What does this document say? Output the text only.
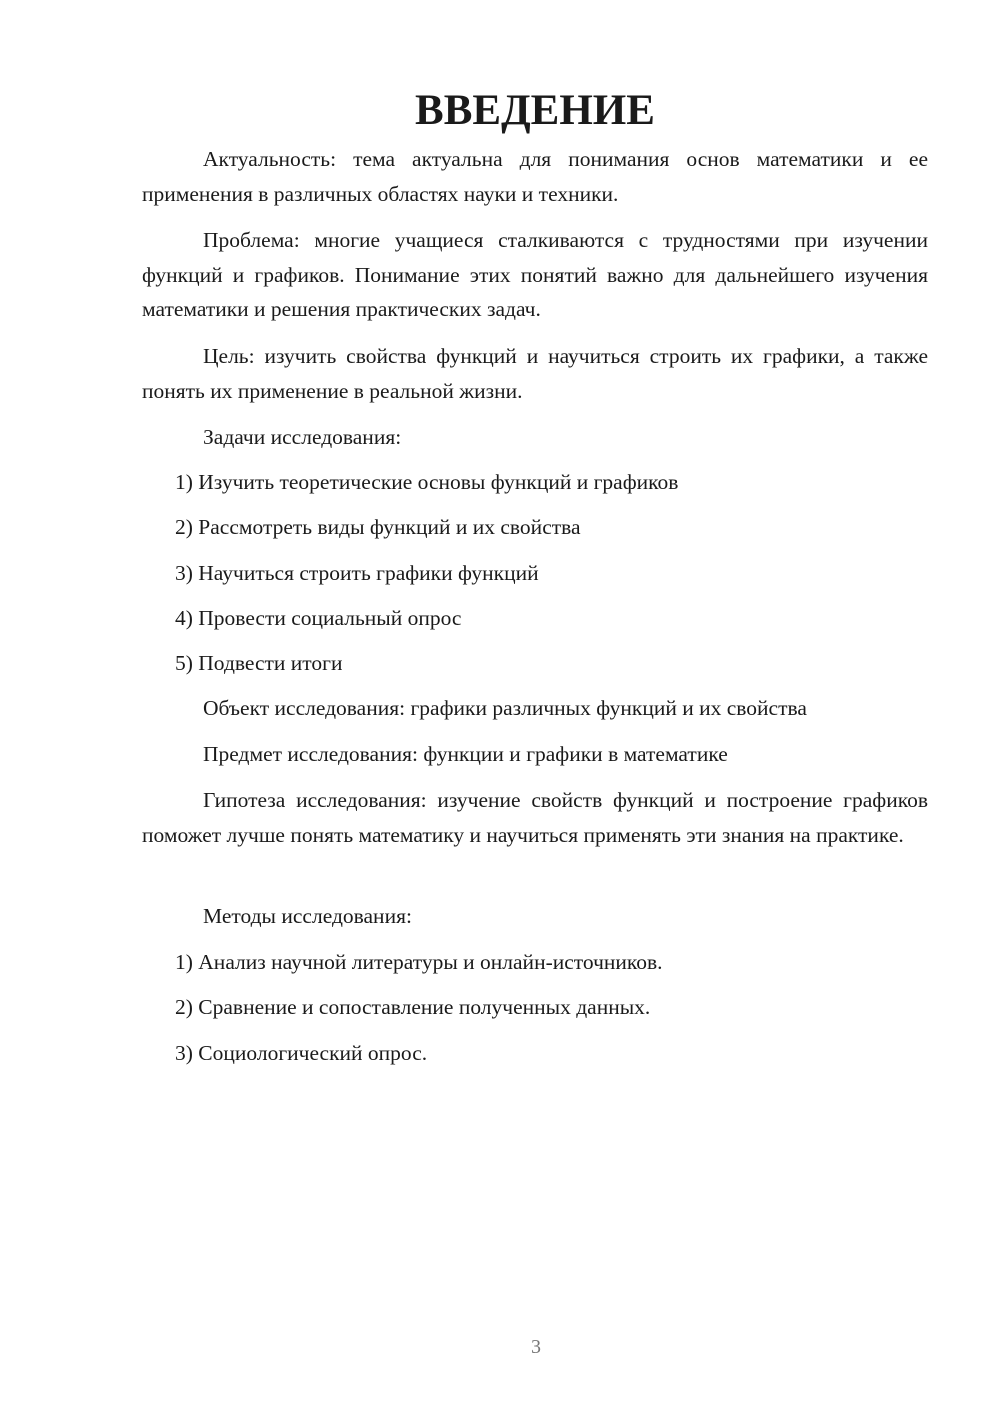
ВВЕДЕНИЕ

Актуальность: тема актуальна для понимания основ математики и ее применения в различных областях науки и техники.

Проблема: многие учащиеся сталкиваются с трудностями при изучении функций и графиков. Понимание этих понятий важно для дальнейшего изучения математики и решения практических задач.

Цель: изучить свойства функций и научиться строить их графики, а также понять их применение в реальной жизни.

Задачи исследования:

1) Изучить теоретические основы функций и графиков

2) Рассмотреть виды функций и их свойства

3) Научиться строить графики функций

4) Провести социальный опрос

5) Подвести итоги

Объект исследования: графики различных функций и их свойства

Предмет исследования: функции и графики в математике

Гипотеза исследования: изучение свойств функций и построение графиков поможет лучше понять математику и научиться применять эти знания на практике.

Методы исследования:

1) Анализ научной литературы и онлайн-источников.

2) Сравнение и сопоставление полученных данных.

3) Социологический опрос.

3
